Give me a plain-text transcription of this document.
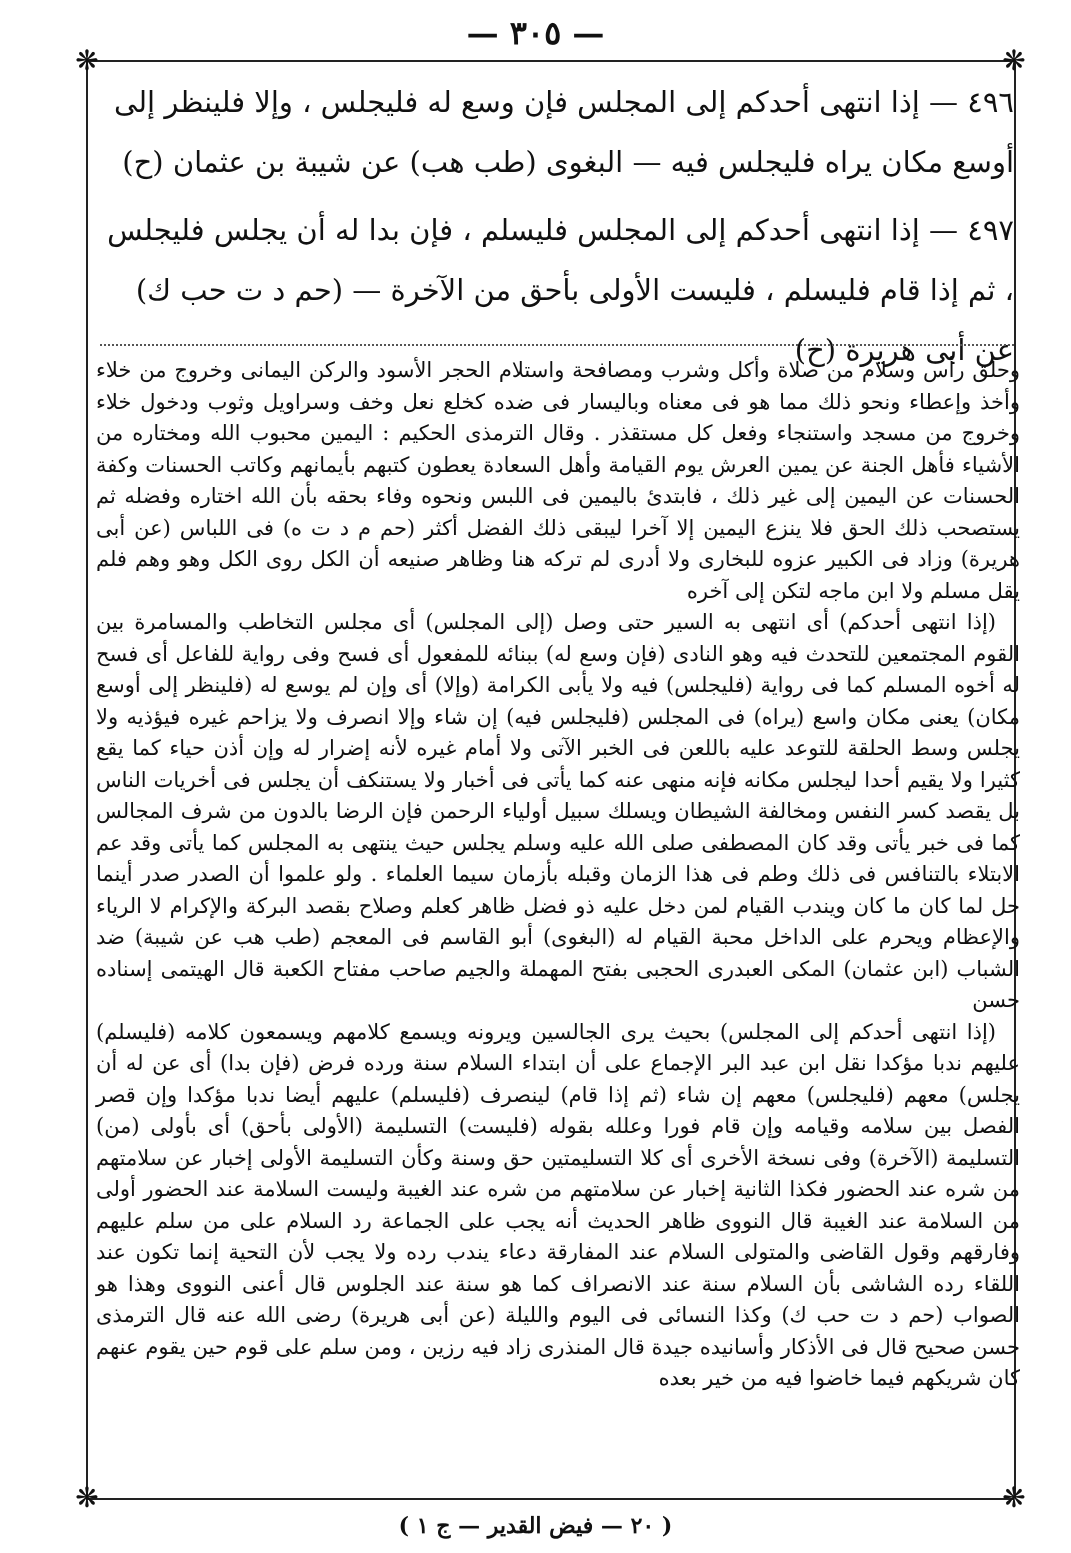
— ٣٠٥ —
❋	❋
❋	❋
٤٩٦ — إذا انتهى أحدكم إلى المجلس فإن وسع له فليجلس ، وإلا فلينظر إلى أوسع مكان يراه فليجلس فيه — البغوى (طب هب) عن شيبة بن عثمان (ح)
٤٩٧ — إذا انتهى أحدكم إلى المجلس فليسلم ، فإن بدا له أن يجلس فليجلس ، ثم إذا قام فليسلم ، فليست الأولى بأحق من الآخرة — (حم د ت حب ك) عن أبى هريرة (ح)

وحلق رأس وسلام من صلاة وأكل وشرب ومصافحة واستلام الحجر الأسود والركن اليمانى وخروج من خلاء وأخذ وإعطاء ونحو ذلك مما هو فى معناه وباليسار فى ضده كخلع نعل وخف وسراويل وثوب ودخول خلاء وخروج من مسجد واستنجاء وفعل كل مستقذر . وقال الترمذى الحكيم : اليمين محبوب الله ومختاره من الأشياء فأهل الجنة عن يمين العرش يوم القيامة وأهل السعادة يعطون كتبهم بأيمانهم وكاتب الحسنات وكفة الحسنات عن اليمين إلى غير ذلك ، فابتدئ باليمين فى اللبس ونحوه وفاء بحقه بأن الله اختاره وفضله ثم يستصحب ذلك الحق فلا ينزع اليمين إلا آخرا ليبقى ذلك الفضل أكثر (حم م د ت ه) فى اللباس (عن أبى هريرة) وزاد فى الكبير عزوه للبخارى ولا أدرى لم تركه هنا وظاهر صنيعه أن الكل روى الكل وهو وهم فلم يقل مسلم ولا ابن ماجه لتكن إلى آخره

(إذا انتهى أحدكم) أى انتهى به السير حتى وصل (إلى المجلس) أى مجلس التخاطب والمسامرة بين القوم المجتمعين للتحدث فيه وهو النادى (فإن وسع له) ببنائه للمفعول أى فسح وفى رواية للفاعل أى فسح له أخوه المسلم كما فى رواية (فليجلس) فيه ولا يأبى الكرامة (وإلا) أى وإن لم يوسع له (فلينظر إلى أوسع مكان) يعنى مكان واسع (يراه) فى المجلس (فليجلس فيه) إن شاء وإلا انصرف ولا يزاحم غيره فيؤذيه ولا يجلس وسط الحلقة للتوعد عليه باللعن فى الخبر الآتى ولا أمام غيره لأنه إضرار له وإن أذن حياء كما يقع كثيرا ولا يقيم أحدا ليجلس مكانه فإنه منهى عنه كما يأتى فى أخبار ولا يستنكف أن يجلس فى أخريات الناس بل يقصد كسر النفس ومخالفة الشيطان ويسلك سبيل أولياء الرحمن فإن الرضا بالدون من شرف المجالس كما فى خبر يأتى وقد كان المصطفى صلى الله عليه وسلم يجلس حيث ينتهى به المجلس كما يأتى وقد عم الابتلاء بالتنافس فى ذلك وطم فى هذا الزمان وقبله بأزمان سيما العلماء . ولو علموا أن الصدر صدر أينما حل لما كان ما كان ويندب القيام لمن دخل عليه ذو فضل ظاهر كعلم وصلاح بقصد البركة والإكرام لا الرياء والإعظام ويحرم على الداخل محبة القيام له (البغوى) أبو القاسم فى المعجم (طب هب عن شيبة) ضد الشباب (ابن عثمان) المكى العبدرى الحجبى بفتح المهملة والجيم صاحب مفتاح الكعبة قال الهيتمى إسناده حسن

(إذا انتهى أحدكم إلى المجلس) بحيث يرى الجالسين ويرونه ويسمع كلامهم ويسمعون كلامه (فليسلم) عليهم ندبا مؤكدا نقل ابن عبد البر الإجماع على أن ابتداء السلام سنة ورده فرض (فإن بدا) أى عن له أن يجلس) معهم (فليجلس) معهم إن شاء (ثم إذا قام) لينصرف (فليسلم) عليهم أيضا ندبا مؤكدا وإن قصر الفصل بين سلامه وقيامه وإن قام فورا وعلله بقوله (فليست) التسليمة (الأولى بأحق) أى بأولى (من) التسليمة (الآخرة) وفى نسخة الأخرى أى كلا التسليمتين حق وسنة وكأن التسليمة الأولى إخبار عن سلامتهم من شره عند الحضور فكذا الثانية إخبار عن سلامتهم من شره عند الغيبة وليست السلامة عند الحضور أولى من السلامة عند الغيبة قال النووى ظاهر الحديث أنه يجب على الجماعة رد السلام على من سلم عليهم وفارقهم وقول القاضى والمتولى السلام عند المفارقة دعاء يندب رده ولا يجب لأن التحية إنما تكون عند اللقاء رده الشاشى بأن السلام سنة عند الانصراف كما هو سنة عند الجلوس قال أعنى النووى وهذا هو الصواب (حم د ت حب ك) وكذا النسائى فى اليوم والليلة (عن أبى هريرة) رضى الله عنه قال الترمذى حسن صحيح قال فى الأذكار وأسانيده جيدة قال المنذرى زاد فيه رزين ، ومن سلم على قوم حين يقوم عنهم كان شريكهم فيما خاضوا فيه من خير بعده

( ٢٠ — فيض القدير — ج ١ )
